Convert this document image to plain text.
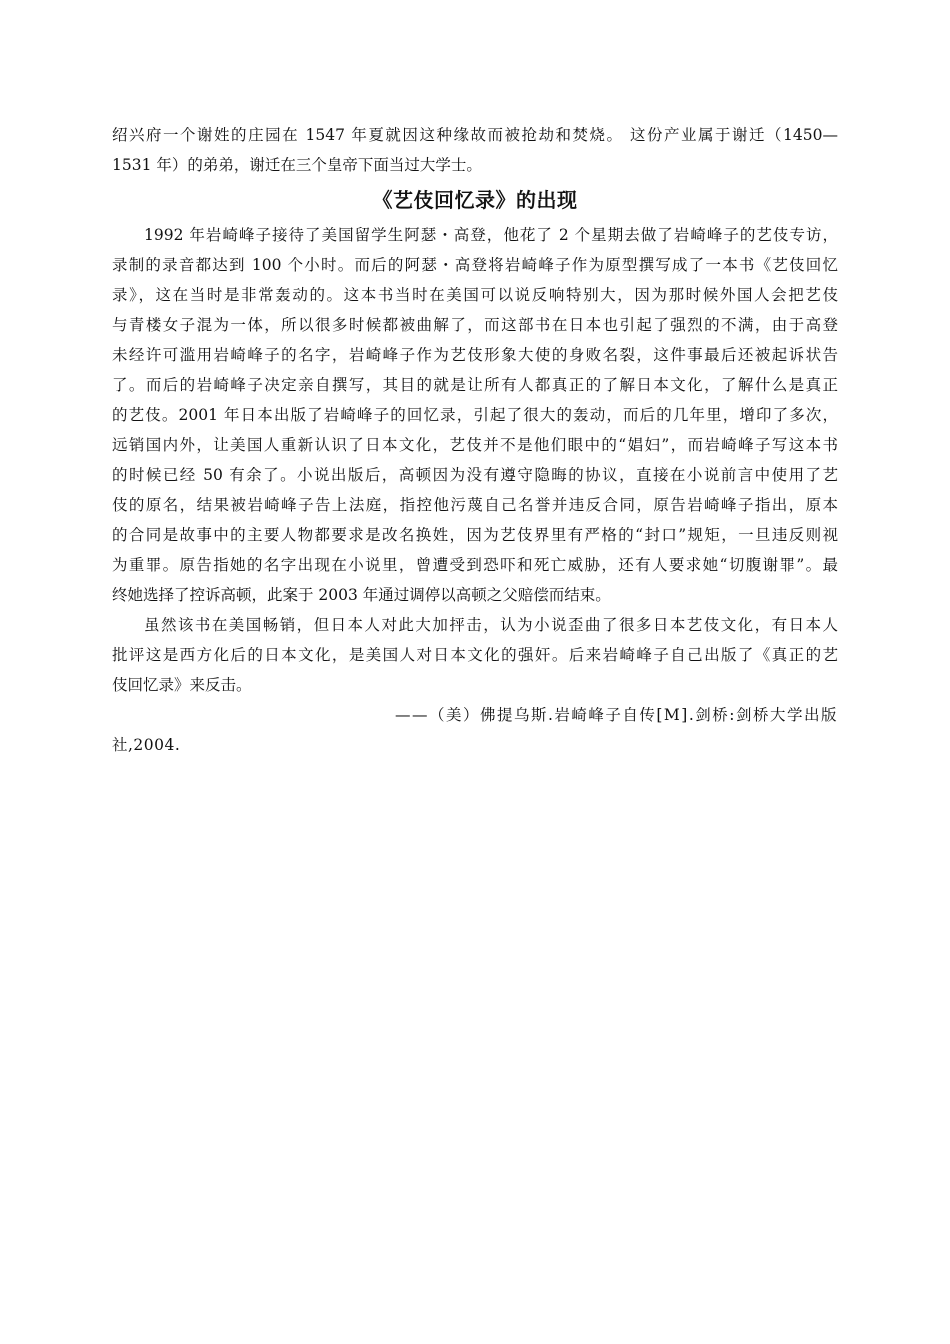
绍兴府一个谢姓的庄园在 1547 年夏就因这种缘故而被抢劫和焚烧。 这份产业属于谢迁（1450—

1531 年）的弟弟，谢迁在三个皇帝下面当过大学士。

《艺伎回忆录》的出现

1992 年岩崎峰子接待了美国留学生阿瑟・高登，他花了 2 个星期去做了岩崎峰子的艺伎专访，

录制的录音都达到 100 个小时。而后的阿瑟・高登将岩崎峰子作为原型撰写成了一本书《艺伎回忆

录》，这在当时是非常轰动的。这本书当时在美国可以说反响特别大，因为那时候外国人会把艺伎

与青楼女子混为一体，所以很多时候都被曲解了，而这部书在日本也引起了强烈的不满，由于高登

未经许可滥用岩崎峰子的名字，岩崎峰子作为艺伎形象大使的身败名裂，这件事最后还被起诉状告

了。而后的岩崎峰子决定亲自撰写，其目的就是让所有人都真正的了解日本文化，了解什么是真正

的艺伎。2001 年日本出版了岩崎峰子的回忆录，引起了很大的轰动，而后的几年里，增印了多次，

远销国内外，让美国人重新认识了日本文化，艺伎并不是他们眼中的“娼妇”，而岩崎峰子写这本书

的时候已经 50 有余了。小说出版后，高顿因为没有遵守隐晦的协议，直接在小说前言中使用了艺

伎的原名，结果被岩崎峰子告上法庭，指控他污蔑自己名誉并违反合同，原告岩崎峰子指出，原本

的合同是故事中的主要人物都要求是改名换姓，因为艺伎界里有严格的“封口”规矩，一旦违反则视

为重罪。原告指她的名字出现在小说里，曾遭受到恐吓和死亡威胁，还有人要求她“切腹谢罪”。最

终她选择了控诉高顿，此案于 2003 年通过调停以高顿之父赔偿而结束。

虽然该书在美国畅销，但日本人对此大加抨击，认为小说歪曲了很多日本艺伎文化，有日本人

批评这是西方化后的日本文化，是美国人对日本文化的强奸。后来岩崎峰子自己出版了《真正的艺

伎回忆录》来反击。

——（美）佛提乌斯.岩崎峰子自传[M].剑桥:剑桥大学出版

社,2004.
